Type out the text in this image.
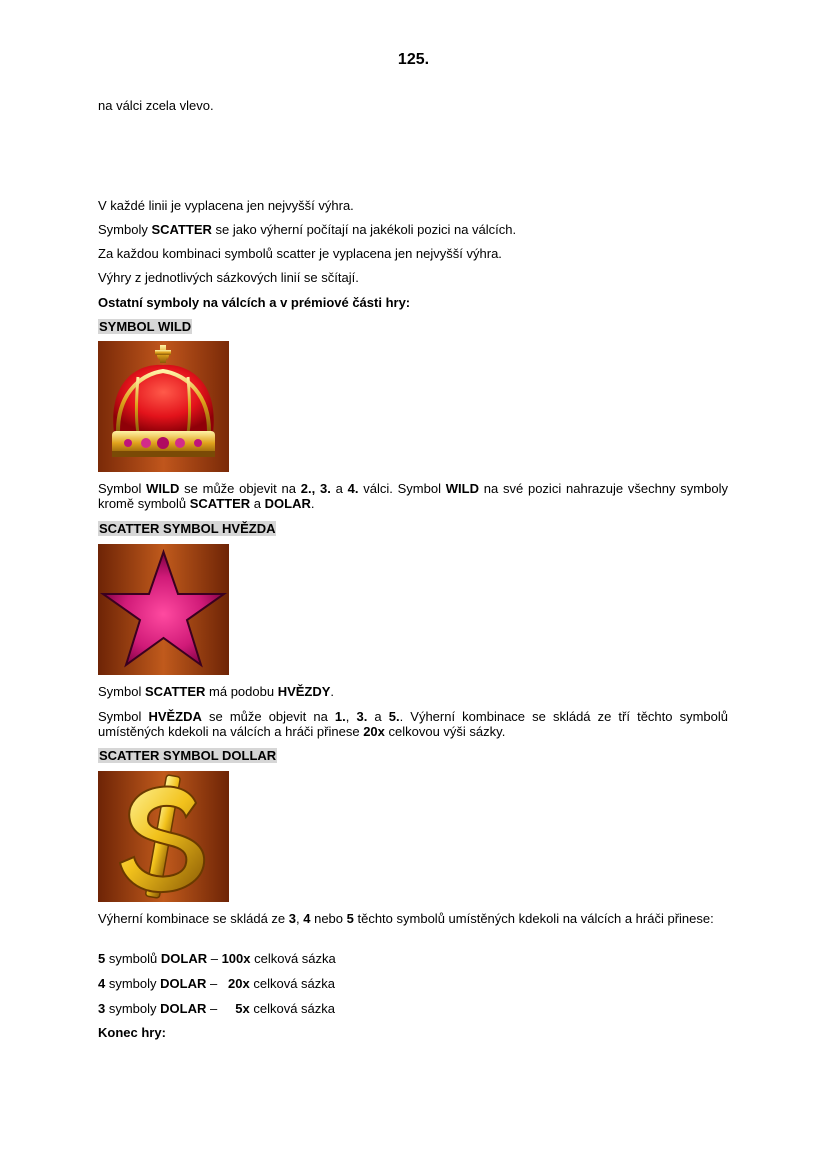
125.
na válci zcela vlevo.
V každé linii je vyplacena jen nejvyšší výhra.
Symboly SCATTER se jako výherní počítají na jakékoli pozici na válcích.
Za každou kombinaci symbolů scatter je vyplacena jen nejvyšší výhra.
Výhry z jednotlivých sázkových linií se sčítají.
Ostatní symboly na válcích a v prémiové části hry:
SYMBOL WILD
Symbol WILD se může objevit na 2., 3. a 4. válci. Symbol WILD na své pozici nahrazuje všechny symboly kromě symbolů SCATTER a DOLAR.
SCATTER SYMBOL HVĚZDA
Symbol SCATTER má podobu HVĚZDY.
Symbol HVĚZDA se může objevit na 1., 3. a 5.. Výherní kombinace se skládá ze tří těchto symbolů umístěných kdekoli na válcích a hráči přinese 20x celkovou výši sázky.
SCATTER SYMBOL DOLLAR
Výherní kombinace se skládá ze 3, 4 nebo 5 těchto symbolů umístěných kdekoli na válcích a hráči přinese:
5 symbolů DOLAR – 100x celková sázka
4 symboly DOLAR –   20x celková sázka
3 symboly DOLAR –     5x celková sázka
Konec hry:
